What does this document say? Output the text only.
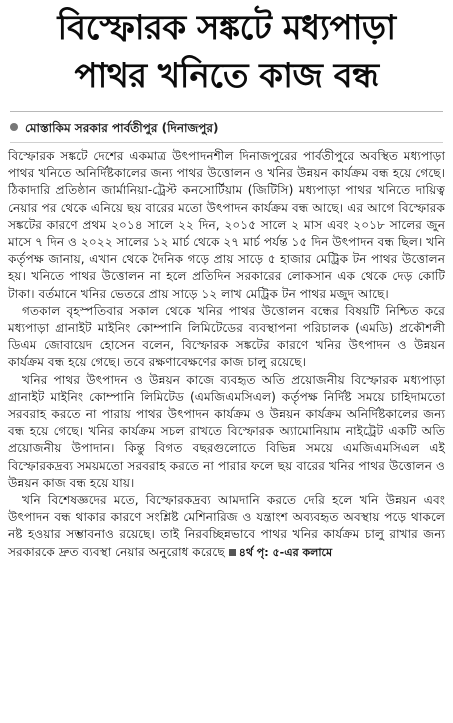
বিস্ফোরক সঙ্কটে মধ্যপাড়া
পাথর খনিতে কাজ বন্ধ
মোস্তাকিম সরকার পার্বতীপুর (দিনাজপুর)

বিস্ফোরক সঙ্কটে দেশের একমাত্র উৎপাদনশীল দিনাজপুরের পার্বতীপুরে অবস্থিত মধ্যপাড়া পাথর খনিতে অনির্দিষ্টকালের জন্য পাথর উত্তোলন ও খনির উন্নয়ন কার্যক্রম বন্ধ হয়ে গেছে। ঠিকাদারি প্রতিষ্ঠান জার্মানিয়া-ট্রেস্ট কনসোর্টিয়াম (জিটিসি) মধ্যপাড়া পাথর খনিতে দায়িত্ব নেয়ার পর থেকে এনিয়ে ছয় বারের মতো উৎপাদন কার্যক্রম বন্ধ আছে। এর আগে বিস্ফোরক সঙ্কটের কারণে প্রথম ২০১৪ সালে ২২ দিন, ২০১৫ সালে ২ মাস এবং ২০১৮ সালের জুন মাসে ৭ দিন ও ২০২২ সালের ১২ মার্চ থেকে ২৭ মার্চ পর্যন্ত ১৫ দিন উৎপাদন বন্ধ ছিল। খনি কর্তৃপক্ষ জানায়, এখান থেকে দৈনিক গড়ে প্রায় সাড়ে ৫ হাজার মেট্রিক টন পাথর উত্তোলন হয়। খনিতে পাথর উত্তোলন না হলে প্রতিদিন সরকারের লোকসান এক থেকে দেড় কোটি টাকা। বর্তমানে খনির ভেতরে প্রায় সাড়ে ১২ লাখ মেট্রিক টন পাথর মজুদ আছে।

গতকাল বৃহস্পতিবার সকাল থেকে খনির পাথর উত্তোলন বন্ধের বিষয়টি নিশ্চিত করে মধ্যপাড়া গ্রানাইট মাইনিং কোম্পানি লিমিটেডের ব্যবস্থাপনা পরিচালক (এমডি) প্রকৌশলী ডিএম জোবায়েদ হোসেন বলেন, বিস্ফোরক সঙ্কটের কারণে খনির উৎপাদন ও উন্নয়ন কার্যক্রম বন্ধ হয়ে গেছে। তবে রক্ষণাবেক্ষণের কাজ চালু রয়েছে।

খনির পাথর উৎপাদন ও উন্নয়ন কাজে ব্যবহৃত অতি প্রয়োজনীয় বিস্ফোরক মধ্যপাড়া গ্রানাইট মাইনিং কোম্পানি লিমিটেড (এমজিএমসিএল) কর্তৃপক্ষ নির্দিষ্ট সময়ে চাহিদামতো সরবরাহ করতে না পারায় পাথর উৎপাদন কার্যক্রম ও উন্নয়ন কার্যক্রম অনির্দিষ্টকালের জন্য বন্ধ হয়ে গেছে। খনির কার্যক্রম সচল রাখতে বিস্ফোরক অ্যামোনিয়াম নাইট্রেট একটি অতি প্রয়োজনীয় উপাদান। কিন্তু বিগত বছরগুলোতে বিভিন্ন সময়ে এমজিএমসিএল এই বিস্ফোরকদ্রব্য সময়মতো সরবরাহ করতে না পারার ফলে ছয় বারের খনির পাথর উত্তোলন ও উন্নয়ন কাজ বন্ধ হয়ে যায়।

খনি বিশেষজ্ঞদের মতে, বিস্ফোরকদ্রব্য আমদানি করতে দেরি হলে খনি উন্নয়ন এবং উৎপাদন বন্ধ থাকার কারণে সংশ্লিষ্ট মেশিনারিজ ও যন্ত্রাংশ অব্যবহৃত অবস্থায় পড়ে থাকলে নষ্ট হওয়ার সম্ভাবনাও রয়েছে। তাই নিরবচ্ছিন্নভাবে পাথর খনির কার্যক্রম চালু রাখার জন্য সরকারকে দ্রুত ব্যবস্থা নেয়ার অনুরোধ করেছে ৪র্থ পৃ: ৫-এর কলামে
